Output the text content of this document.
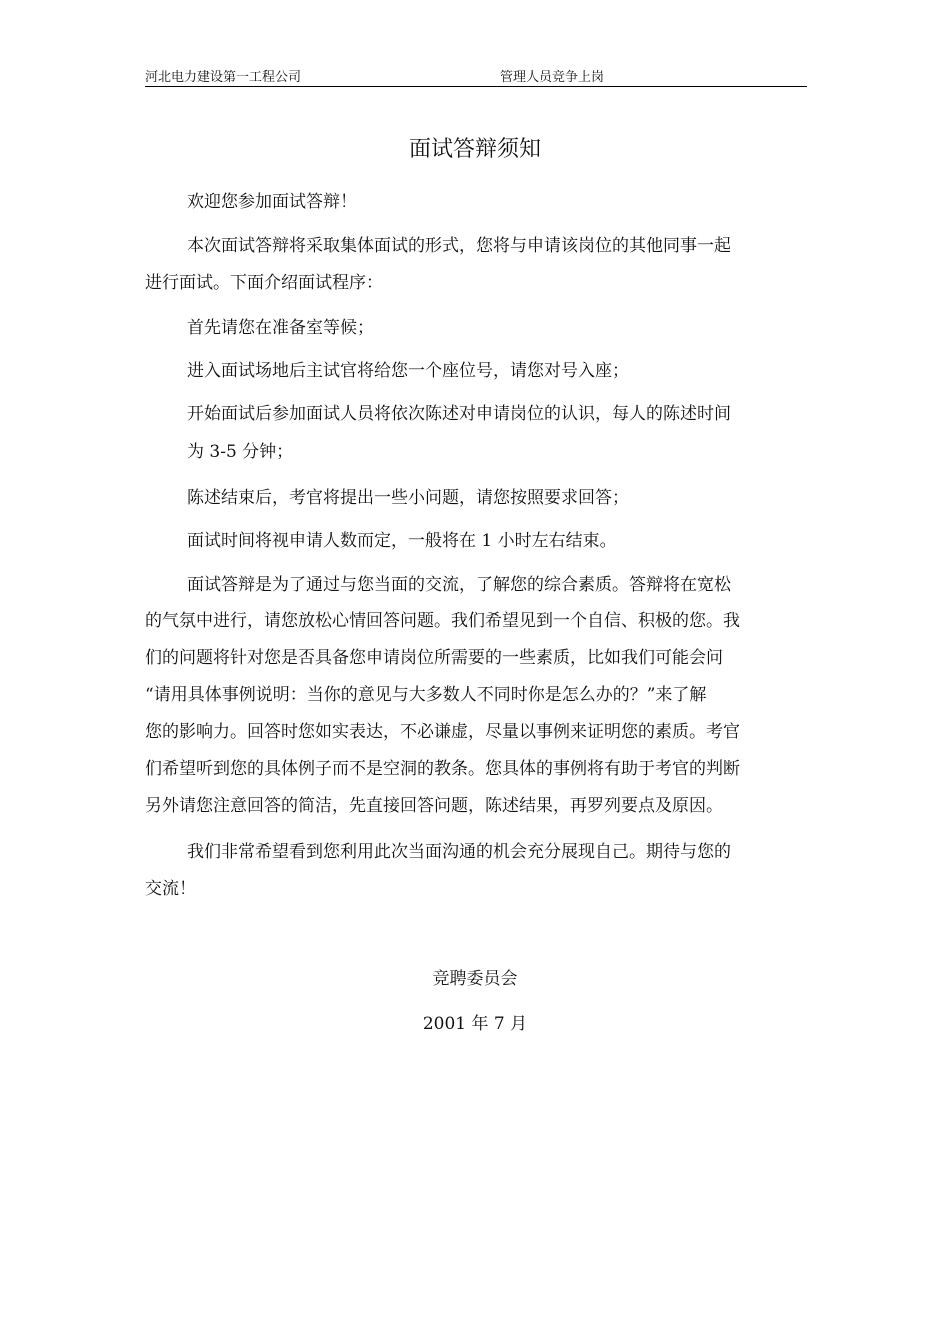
河北电力建设第一工程公司	管理人员竞争上岗
面试答辩须知
欢迎您参加面试答辩！
本次面试答辩将采取集体面试的形式，您将与申请该岗位的其他同事一起
进行面试。下面介绍面试程序：
首先请您在准备室等候；
进入面试场地后主试官将给您一个座位号，请您对号入座；
开始面试后参加面试人员将依次陈述对申请岗位的认识，每人的陈述时间
为 3-5 分钟；
陈述结束后，考官将提出一些小问题，请您按照要求回答；
面试时间将视申请人数而定，一般将在 1 小时左右结束。
面试答辩是为了通过与您当面的交流，了解您的综合素质。答辩将在宽松
的气氛中进行，请您放松心情回答问题。我们希望见到一个自信、积极的您。我
们的问题将针对您是否具备您申请岗位所需要的一些素质，比如我们可能会问
“请用具体事例说明：当你的意见与大多数人不同时你是怎么办的？”来了解
您的影响力。回答时您如实表达，不必谦虚，尽量以事例来证明您的素质。考官
们希望听到您的具体例子而不是空洞的教条。您具体的事例将有助于考官的判断
另外请您注意回答的简洁，先直接回答问题，陈述结果，再罗列要点及原因。
我们非常希望看到您利用此次当面沟通的机会充分展现自己。期待与您的
交流！
竞聘委员会
2001 年 7 月
